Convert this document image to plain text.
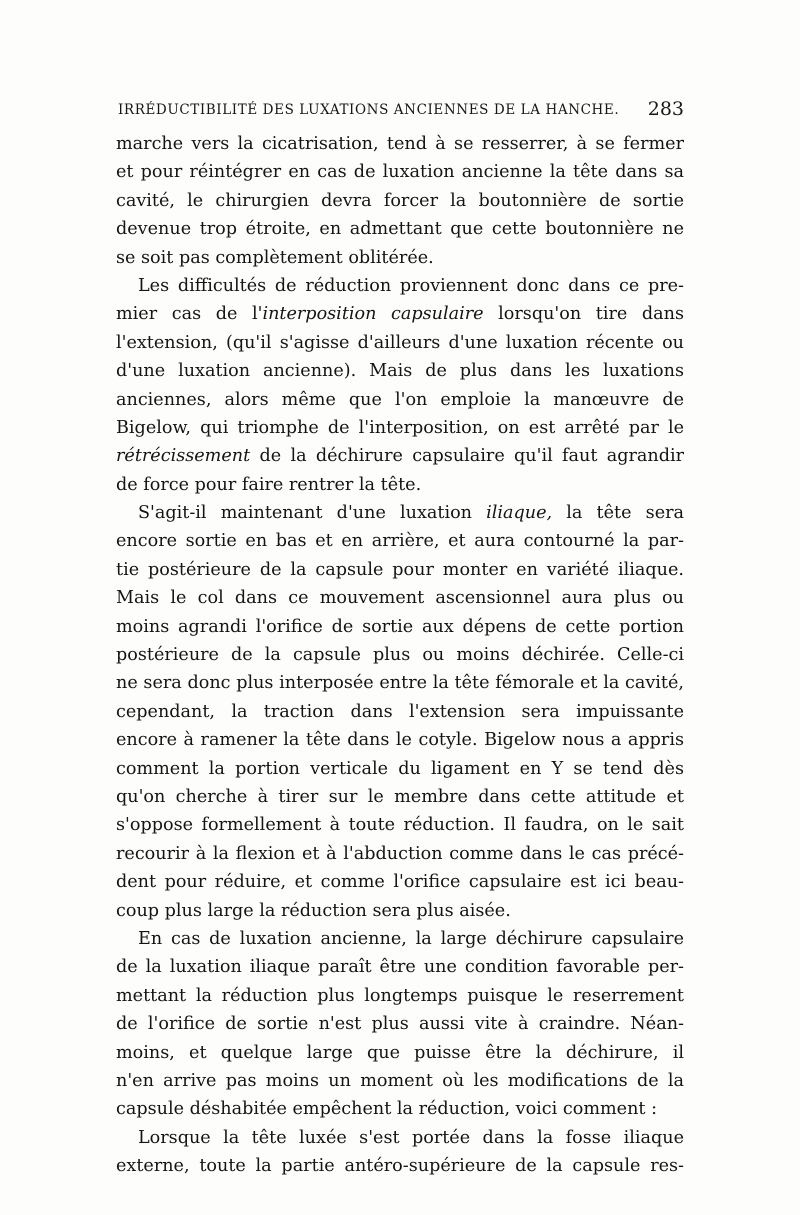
IRRÉDUCTIBILITÉ DES LUXATIONS ANCIENNES DE LA HANCHE. 283
marche vers la cicatrisation, tend à se resserrer, à se fermer
et pour réintégrer en cas de luxation ancienne la tête dans sa
cavité, le chirurgien devra forcer la boutonnière de sortie
devenue trop étroite, en admettant que cette boutonnière ne
se soit pas complètement oblitérée.
Les difficultés de réduction proviennent donc dans ce pre-
mier cas de l'interposition capsulaire lorsqu'on tire dans
l'extension, (qu'il s'agisse d'ailleurs d'une luxation récente ou
d'une luxation ancienne). Mais de plus dans les luxations
anciennes, alors même que l'on emploie la manœuvre de
Bigelow, qui triomphe de l'interposition, on est arrêté par le
rétrécissement de la déchirure capsulaire qu'il faut agrandir
de force pour faire rentrer la tête.
S'agit-il maintenant d'une luxation iliaque, la tête sera
encore sortie en bas et en arrière, et aura contourné la par-
tie postérieure de la capsule pour monter en variété iliaque.
Mais le col dans ce mouvement ascensionnel aura plus ou
moins agrandi l'orifice de sortie aux dépens de cette portion
postérieure de la capsule plus ou moins déchirée. Celle-ci
ne sera donc plus interposée entre la tête fémorale et la cavité,
cependant, la traction dans l'extension sera impuissante
encore à ramener la tête dans le cotyle. Bigelow nous a appris
comment la portion verticale du ligament en Y se tend dès
qu'on cherche à tirer sur le membre dans cette attitude et
s'oppose formellement à toute réduction. Il faudra, on le sait
recourir à la flexion et à l'abduction comme dans le cas précé-
dent pour réduire, et comme l'orifice capsulaire est ici beau-
coup plus large la réduction sera plus aisée.
En cas de luxation ancienne, la large déchirure capsulaire
de la luxation iliaque paraît être une condition favorable per-
mettant la réduction plus longtemps puisque le reserrement
de l'orifice de sortie n'est plus aussi vite à craindre. Néan-
moins, et quelque large que puisse être la déchirure, il
n'en arrive pas moins un moment où les modifications de la
capsule déshabitée empêchent la réduction, voici comment :
Lorsque la tête luxée s'est portée dans la fosse iliaque
externe, toute la partie antéro-supérieure de la capsule res-
